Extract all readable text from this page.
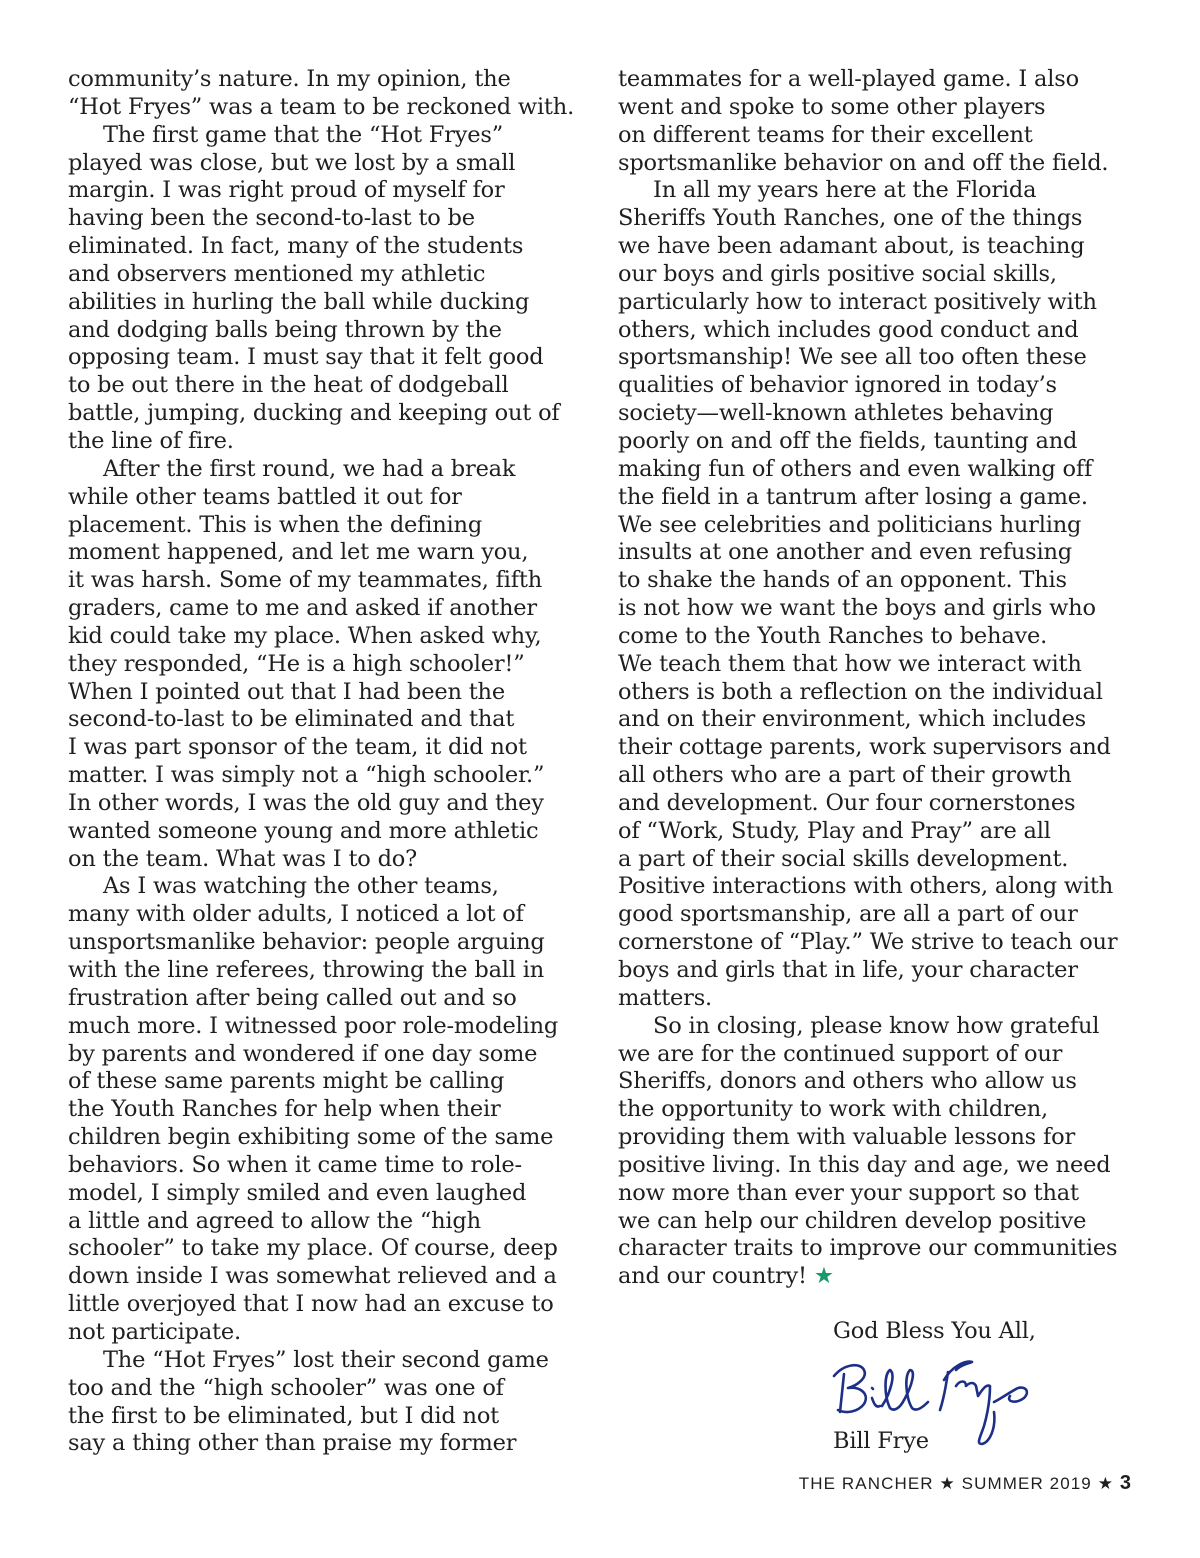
community’s nature. In my opinion, the
“Hot Fryes” was a team to be reckoned with.
The first game that the “Hot Fryes”
played was close, but we lost by a small
margin. I was right proud of myself for
having been the second-to-last to be
eliminated. In fact, many of the students
and observers mentioned my athletic
abilities in hurling the ball while ducking
and dodging balls being thrown by the
opposing team. I must say that it felt good
to be out there in the heat of dodgeball
battle, jumping, ducking and keeping out of
the line of fire.
After the first round, we had a break
while other teams battled it out for
placement. This is when the defining
moment happened, and let me warn you,
it was harsh. Some of my teammates, fifth
graders, came to me and asked if another
kid could take my place. When asked why,
they responded, “He is a high schooler!”
When I pointed out that I had been the
second-to-last to be eliminated and that
I was part sponsor of the team, it did not
matter. I was simply not a “high schooler.”
In other words, I was the old guy and they
wanted someone young and more athletic
on the team. What was I to do?
As I was watching the other teams,
many with older adults, I noticed a lot of
unsportsmanlike behavior: people arguing
with the line referees, throwing the ball in
frustration after being called out and so
much more. I witnessed poor role-modeling
by parents and wondered if one day some
of these same parents might be calling
the Youth Ranches for help when their
children begin exhibiting some of the same
behaviors. So when it came time to role-
model, I simply smiled and even laughed
a little and agreed to allow the “high
schooler” to take my place. Of course, deep
down inside I was somewhat relieved and a
little overjoyed that I now had an excuse to
not participate.
The “Hot Fryes” lost their second game
too and the “high schooler” was one of
the first to be eliminated, but I did not
say a thing other than praise my former
teammates for a well-played game. I also
went and spoke to some other players
on different teams for their excellent
sportsmanlike behavior on and off the field.
In all my years here at the Florida
Sheriffs Youth Ranches, one of the things
we have been adamant about, is teaching
our boys and girls positive social skills,
particularly how to interact positively with
others, which includes good conduct and
sportsmanship! We see all too often these
qualities of behavior ignored in today’s
society—well-known athletes behaving
poorly on and off the fields, taunting and
making fun of others and even walking off
the field in a tantrum after losing a game.
We see celebrities and politicians hurling
insults at one another and even refusing
to shake the hands of an opponent. This
is not how we want the boys and girls who
come to the Youth Ranches to behave.
We teach them that how we interact with
others is both a reflection on the individual
and on their environment, which includes
their cottage parents, work supervisors and
all others who are a part of their growth
and development. Our four cornerstones
of “Work, Study, Play and Pray” are all
a part of their social skills development.
Positive interactions with others, along with
good sportsmanship, are all a part of our
cornerstone of “Play.” We strive to teach our
boys and girls that in life, your character
matters.
So in closing, please know how grateful
we are for the continued support of our
Sheriffs, donors and others who allow us
the opportunity to work with children,
providing them with valuable lessons for
positive living. In this day and age, we need
now more than ever your support so that
we can help our children develop positive
character traits to improve our communities
and our country! ★
God Bless You All,
Bill Frye
THE RANCHER ★ SUMMER 2019 ★ 3
